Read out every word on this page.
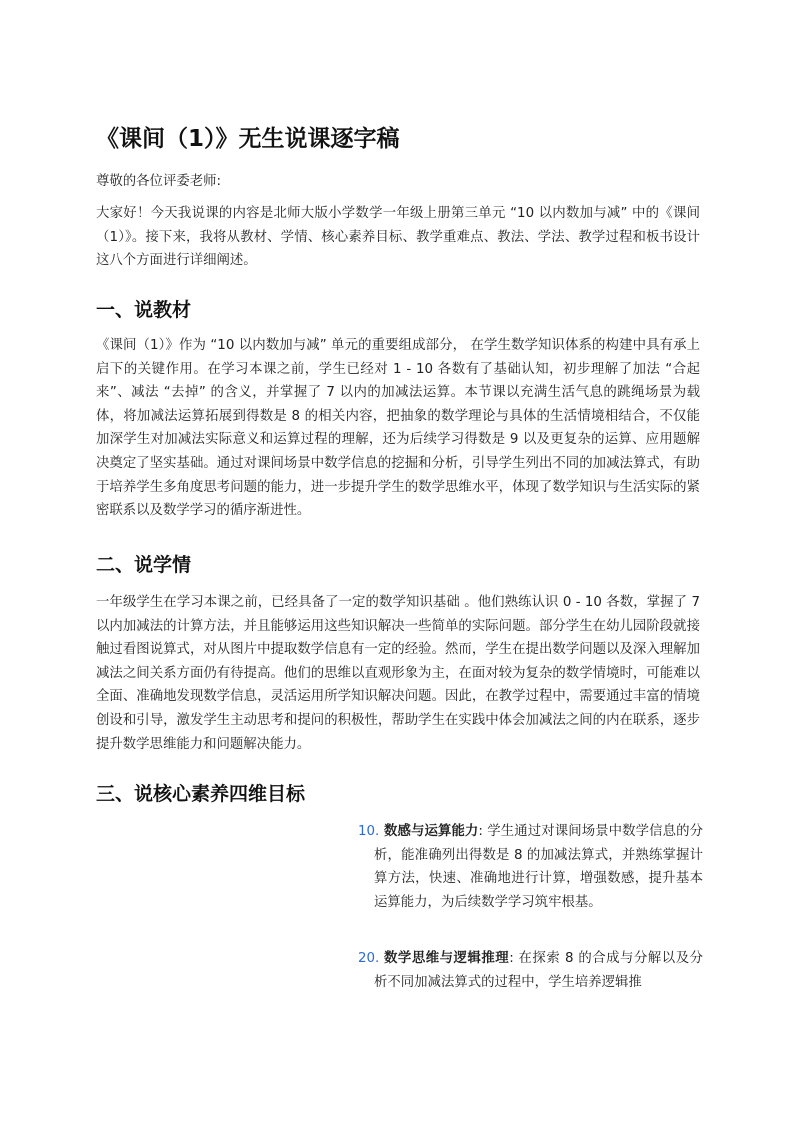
《课间（1）》无生说课逐字稿

尊敬的各位评委老师:

大家好！今天我说课的内容是北师大版小学数学一年级上册第三单元 “10 以内数加与减” 中的《课间（1）》。接下来，我将从教材、学情、核心素养目标、教学重难点、教法、学法、教学过程和板书设计这八个方面进行详细阐述。

一、说教材

《课间（1）》作为 “10 以内数加与减” 单元的重要组成部分， 在学生数学知识体系的构建中具有承上启下的关键作用。在学习本课之前，学生已经对 1 - 10 各数有了基础认知，初步理解了加法 “合起来”、减法 “去掉” 的含义，并掌握了 7 以内的加减法运算。本节课以充满生活气息的跳绳场景为载体，将加减法运算拓展到得数是 8 的相关内容，把抽象的数学理论与具体的生活情境相结合，不仅能加深学生对加减法实际意义和运算过程的理解，还为后续学习得数是 9 以及更复杂的运算、应用题解决奠定了坚实基础。通过对课间场景中数学信息的挖掘和分析，引导学生列出不同的加减法算式，有助于培养学生多角度思考问题的能力，进一步提升学生的数学思维水平，体现了数学知识与生活实际的紧密联系以及数学学习的循序渐进性。

二、说学情

一年级学生在学习本课之前，已经具备了一定的数学知识基础 。他们熟练认识 0 - 10 各数，掌握了 7 以内加减法的计算方法，并且能够运用这些知识解决一些简单的实际问题。部分学生在幼儿园阶段就接触过看图说算式，对从图片中提取数学信息有一定的经验。然而，学生在提出数学问题以及深入理解加减法之间关系方面仍有待提高。他们的思维以直观形象为主，在面对较为复杂的数学情境时，可能难以全面、准确地发现数学信息，灵活运用所学知识解决问题。因此，在教学过程中，需要通过丰富的情境创设和引导，激发学生主动思考和提问的积极性，帮助学生在实践中体会加减法之间的内在联系，逐步提升数学思维能力和问题解决能力。

三、说核心素养四维目标
10. 数感与运算能力: 学生通过对课间场景中数学信息的分析，能准确列出得数是 8 的加减法算式，并熟练掌握计算方法，快速、准确地进行计算，增强数感，提升基本运算能力，为后续数学学习筑牢根基。
20. 数学思维与逻辑推理: 在探索 8 的合成与分解以及分析不同加减法算式的过程中，学生培养逻辑推
